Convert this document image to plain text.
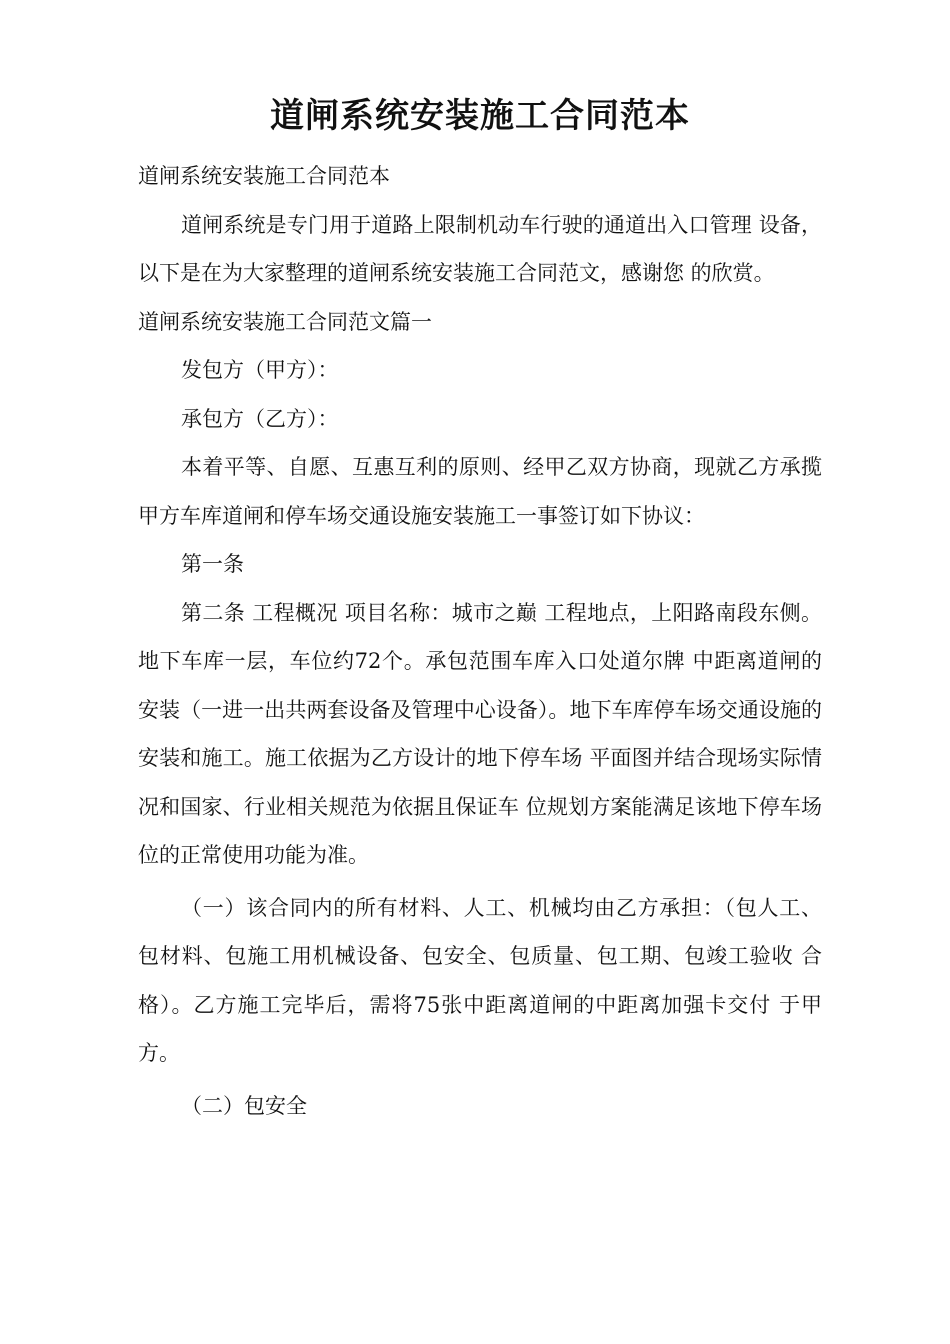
道闸系统安装施工合同范本

道闸系统安装施工合同范本

道闸系统是专门用于道路上限制机动车行驶的通道出入口管理 设备，以下是在为大家整理的道闸系统安装施工合同范文，感谢您 的欣赏。

道闸系统安装施工合同范文篇一

发包方（甲方）：

承包方（乙方）：

本着平等、自愿、互惠互利的原则、经甲乙双方协商，现就乙方承揽甲方车库道闸和停车场交通设施安装施工一事签订如下协议：

第一条

第二条 工程概况 项目名称：城市之巅 工程地点，上阳路南段东侧。地下车库一层，车位约72个。承包范围车库入口处道尔牌 中距离道闸的安装（一进一出共两套设备及管理中心设备）。地下车库停车场交通设施的安装和施工。施工依据为乙方设计的地下停车场 平面图并结合现场实际情况和国家、行业相关规范为依据且保证车 位规划方案能满足该地下停车场位的正常使用功能为准。

（一）该合同内的所有材料、人工、机械均由乙方承担：（包人工、 包材料、包施工用机械设备、包安全、包质量、包工期、包竣工验收 合格）。乙方施工完毕后，需将75张中距离道闸的中距离加强卡交付 于甲方。

（二）包安全
